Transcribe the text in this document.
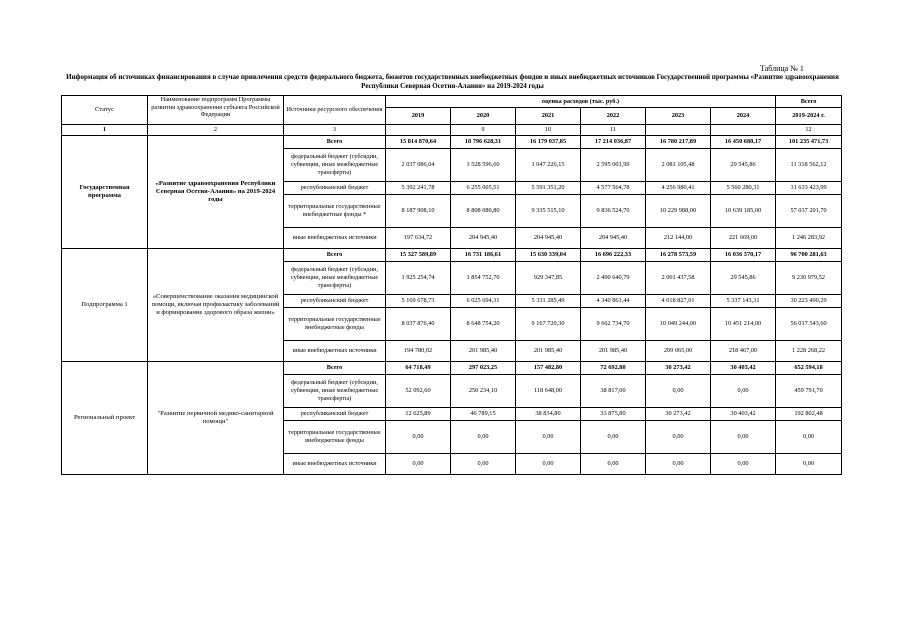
Таблица № 1
Информация об источниках финансирования в случае привлечения средств федерального бюджета, бюжетов государственных внебюджетных фондов и иных внебюджетных источников Государственной программы «Развитие здравоохранения Республики Северная Осетия-Алания» на 2019-2024 годы
Статус	Наименование подпрограмм Программы развития здравоохранения субъекта Российской Федерации	Источники ресурсного обеспечения	оценка расходов (тыс. руб.)						Всего
			2019	2020	2021	2022	2023	2024	2019-2024 г.
1	2	3		9	10	11			12
Государственная программа	«Развитие здравоохранения Республики Северная Осетия-Алания» на 2019-2024 годы	Всего	15 814 870,64	18 796 628,31	16 179 037,85	17 214 036,87	16 780 217,89	16 450 680,17	101 235 471,73
		федеральный бюджет (субсидии, субвенции, иные межбюджетные трансферты)	2 037 086,04	3 528 596,60	1 047 226,15	2 595 001,99	2 081 105,48	29 545,86	11 318 562,12
		республиканский бюджет	5 392 241,78	6 255 005,51	5 591 351,20	4 577 564,78	4 256 980,41	5 560 280,31	31 633 423,99
		территориальные государственные внебюджетные фонды *	8 187 908,10	8 808 080,80	9 335 515,10	9 836 524,70	10 229 988,00	10 639 185,00	57 037 201,70
		иные внебюджетных источники	197 634,72	204 945,40	204 945,40	204 945,40	212 144,00	221 669,00	1 246 283,92
Подпрограмма 1	«Совершенствование оказания медицинской помощи, включая профилактику заболеваний и формирование здорового образа жизни»	Всего	15 327 589,89	16 731 186,61	15 630 339,04	16 696 222,33	16 278 573,59	16 036 370,17	96 700 281,63
		федеральный бюджет (субсидии, субвенции, иные межбюджетные трансферты)	1 925 254,74	1 854 752,70	929 347,85	2 490 640,79	2 001 437,58	29 545,86	9 230 979,52
		республиканский бюджет	5 169 678,73	6 025 694,31	5 331 285,49	4 340 861,44	4 018 827,01	5 337 143,31	30 223 490,29
		территориальные государственные внебюджетные фонды	8 037 876,40	8 648 754,20	9 167 720,30	9 662 734,70	10 049 244,00	10 451 214,00	56 017 543,60
		иные внебюджетных источники	194 780,02	201 985,40	201 985,40	201 985,40	209 065,00	218 467,00	1 228 268,22
Региональный проект	"Развитие первичной медико-санитарной помощи"	Всего	64 718,49	297 023,25	157 482,80	72 692,80	30 273,42	30 403,42	652 594,18
		федеральный бюджет (субсидии, субвенции, иные межбюджетные трансферты)	52 092,60	250 234,10	118 648,00	38 817,00	0,00	0,00	459 791,70
		республиканский бюджет	12 625,89	46 789,15	38 834,80	33 875,80	30 273,42	30 403,42	192 802,48
		территориальные государственные внебюджетные фонды	0,00	0,00	0,00	0,00	0,00	0,00	0,00
		иные внебюджетных источники	0,00	0,00	0,00	0,00	0,00	0,00	0,00
